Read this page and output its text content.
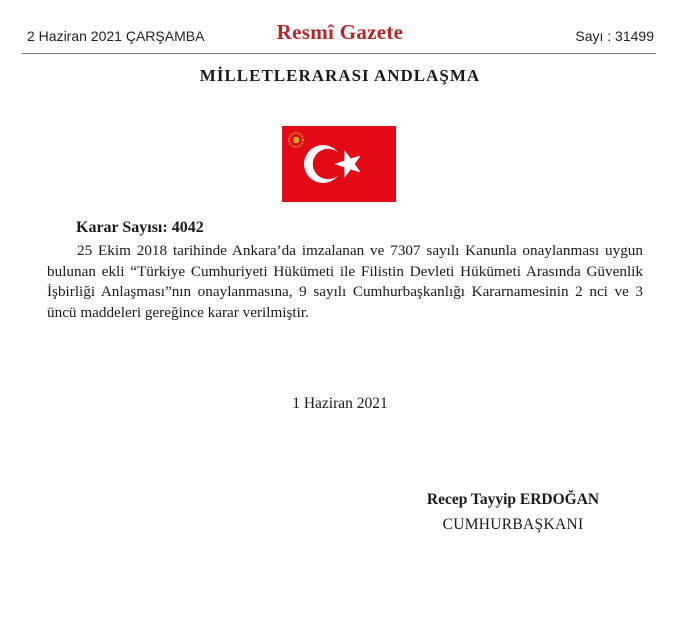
2 Haziran 2021 ÇARŞAMBA	Resmî Gazete	Sayı : 31499
MİLLETLERARASI ANDLAŞMA
Karar Sayısı: 4042
25 Ekim 2018 tarihinde Ankara’da imzalanan ve 7307 sayılı Kanunla onaylanması uygun bulunan ekli “Türkiye Cumhuriyeti Hükümeti ile Filistin Devleti Hükümeti Arasında Güvenlik İşbirliği Anlaşması”nın onaylanmasına, 9 sayılı Cumhurbaşkanlığı Kararnamesinin 2 nci ve 3 üncü maddeleri gereğince karar verilmiştir.
1 Haziran 2021
Recep Tayyip ERDOĞAN
CUMHURBAŞKANI
